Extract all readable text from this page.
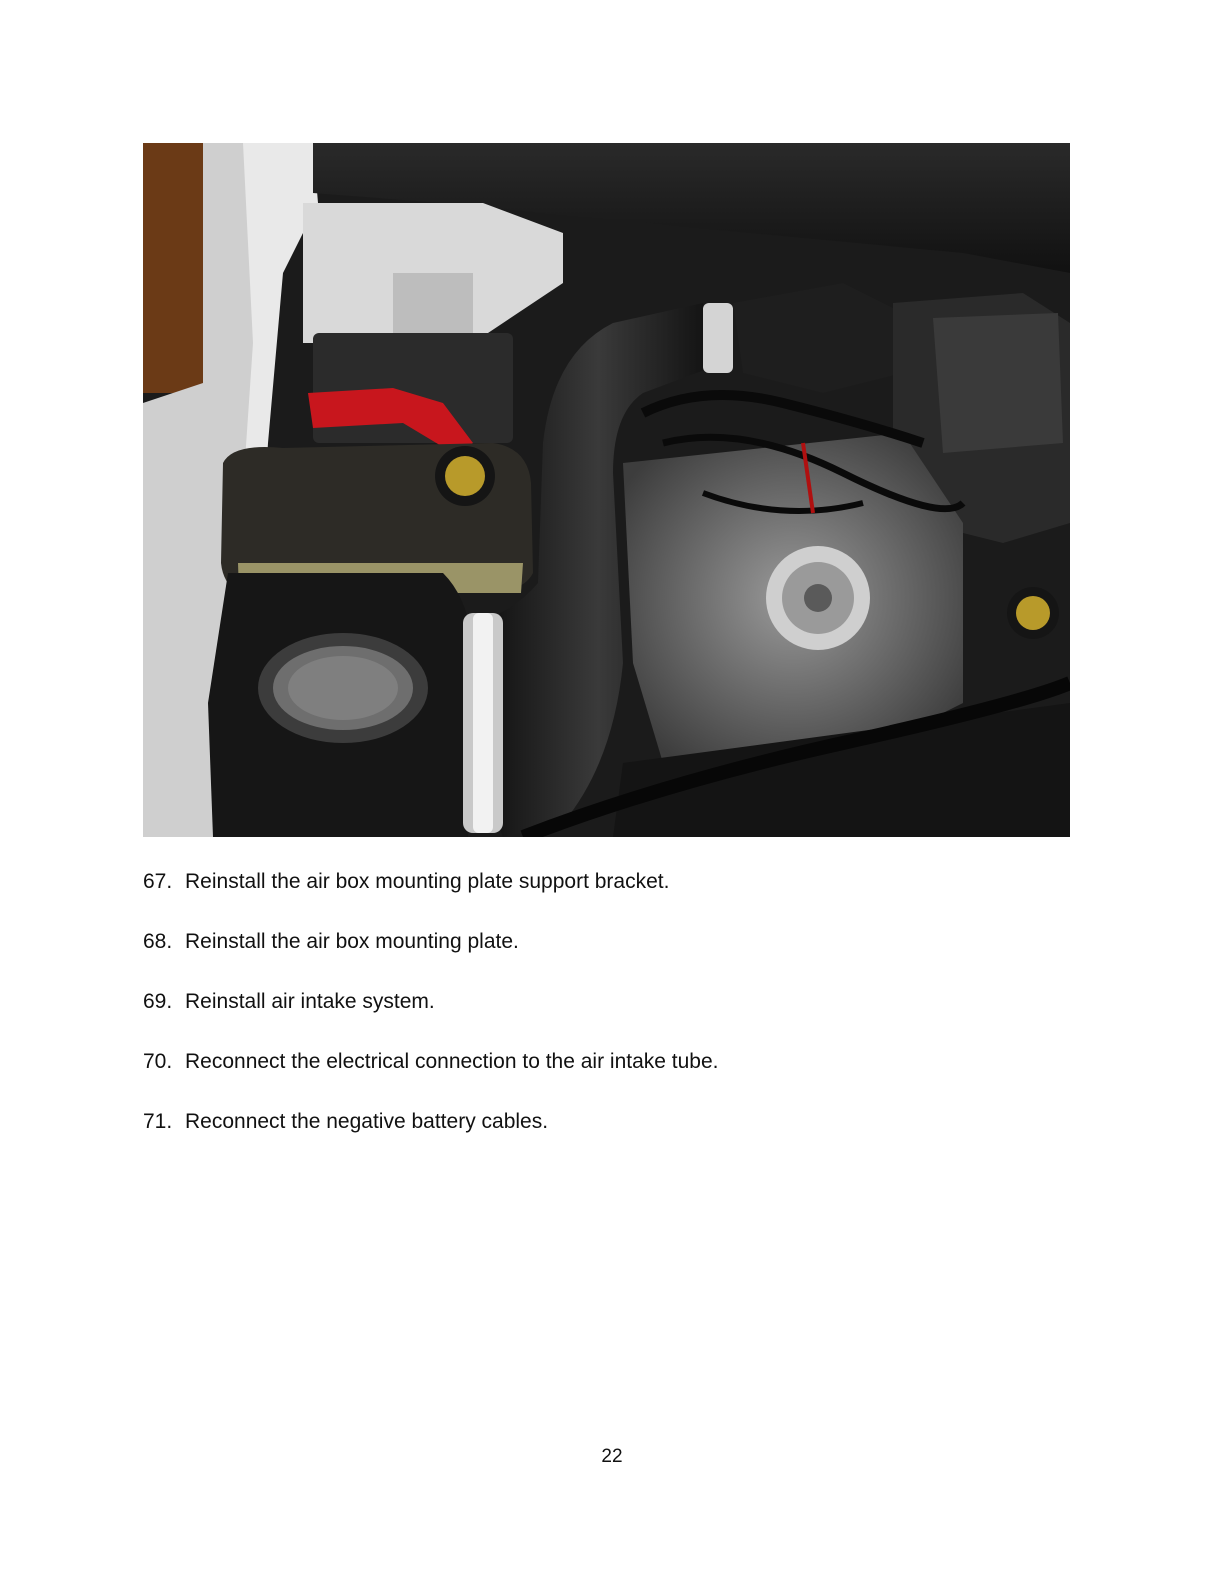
67. Reinstall the air box mounting plate support bracket.
68. Reinstall the air box mounting plate.
69. Reinstall air intake system.
70. Reconnect the electrical connection to the air intake tube.
71. Reconnect the negative battery cables.
22
